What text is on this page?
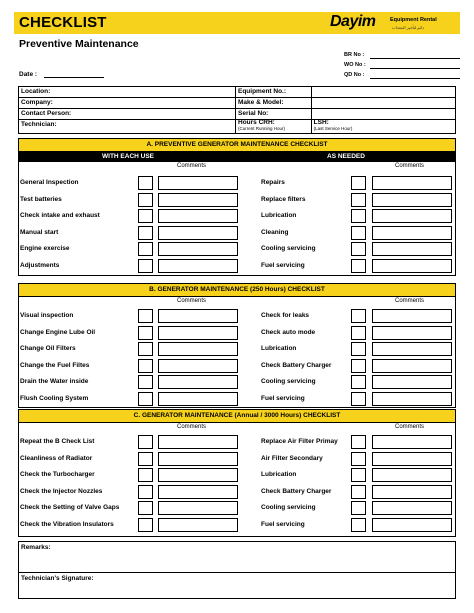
CHECKLIST	Dayim	Equipment Rental
دائم لتأجير المعدات
Preventive Maintenance
Date :
BR No :
WO No :
QD No :
Location:	Equipment No.:
Company:	Make & Model:
Contact Person:	Serial No:
Technician:	Hours CRH:
(Current Running Hour)
LSH:
(Last Service Hour)
A. PREVENTIVE GENERATOR MAINTENANCE CHECKLIST
WITH EACH USE	AS NEEDED
Comments	Comments
B. GENERATOR MAINTENANCE (250 Hours) CHECKLIST
Comments	Comments
C. GENERATOR MAINTENANCE (Annual / 3000 Hours) CHECKLIST
Comments	Comments
General Inspection	Repairs
Test batteries	Replace filters
Check intake and exhaust	Lubrication
Manual start	Cleaning
Engine exercise	Cooling servicing
Adjustments	Fuel servicing
Visual inspection	Check for leaks
Change Engine Lube Oil	Check auto mode
Change Oil Filters	Lubrication
Change the Fuel Filtes	Check Battery Charger
Drain the Water inside	Cooling servicing
Flush Cooling System	Fuel servicing
Repeat the B Check List	Replace Air Filter Primay
Cleanliness of Radiator	Air Filter Secondary
Check the Turbocharger	Lubrication
Check the Injector Nozzles	Check Battery Charger
Check the Setting of Valve Gaps	Cooling servicing
Check the Vibration Insulators	Fuel servicing
Remarks:
Technician's Signature:
